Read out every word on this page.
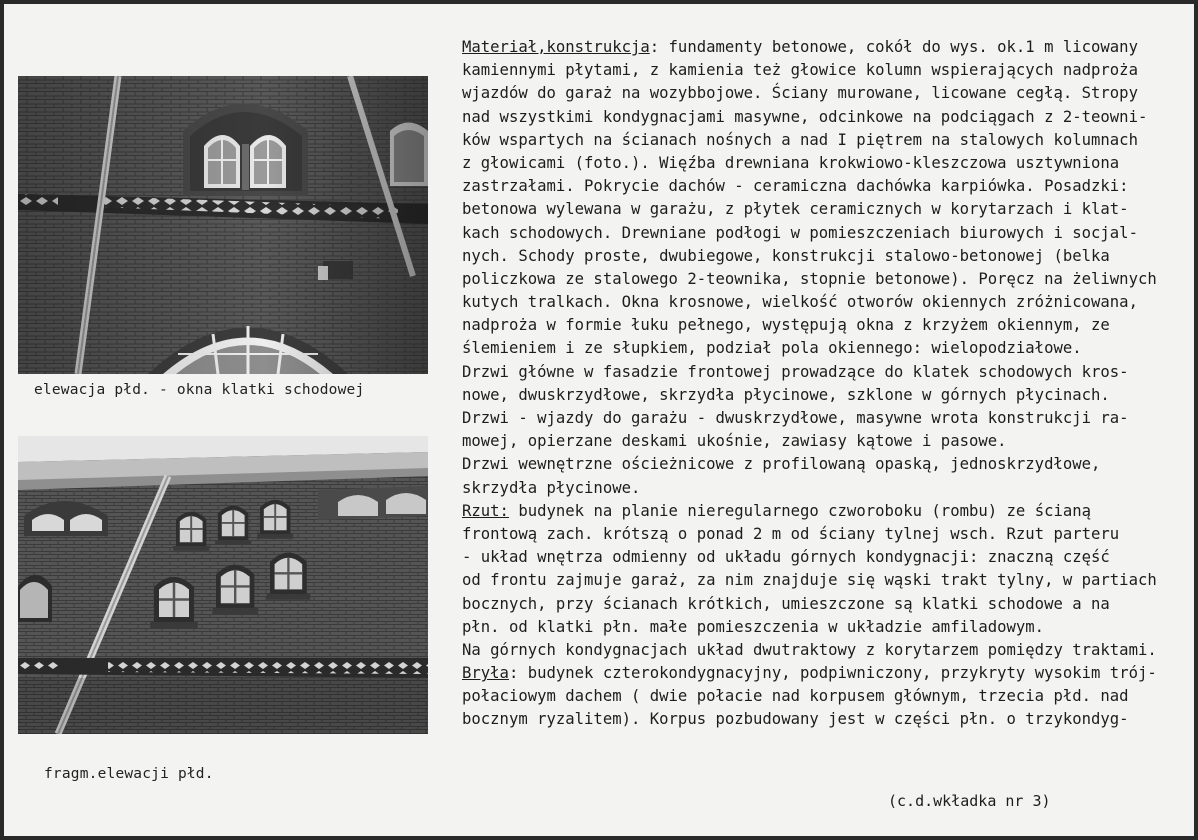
elewacja płd. - okna klatki schodowej
fragm.elewacji płd.
Materiał,konstrukcja: fundamenty betonowe, cokół do wys. ok.1 m licowany
kamiennymi płytami, z kamienia też głowice kolumn wspierających nadproża
wjazdów do garaż na wozybbojowe. Ściany murowane, licowane cegłą. Stropy
nad wszystkimi kondygnacjami masywne, odcinkowe na podciągach z 2-teowni-
ków wspartych na ścianach nośnych a nad I piętrem na stalowych kolumnach
z głowicami (foto.). Więźba drewniana krokwiowo-kleszczowa usztywniona
zastrzałami. Pokrycie dachów - ceramiczna dachówka karpiówka. Posadzki:
betonowa wylewana w garażu, z płytek ceramicznych w korytarzach i klat-
kach schodowych. Drewniane podłogi w pomieszczeniach biurowych i socjal-
nych. Schody proste, dwubiegowe, konstrukcji stalowo-betonowej (belka
policzkowa ze stalowego 2-teownika, stopnie betonowe). Poręcz na żeliwnych
kutych tralkach. Okna krosnowe, wielkość otworów okiennych zróżnicowana,
nadproża w formie łuku pełnego, występują okna z krzyżem okiennym, ze
ślemieniem i ze słupkiem, podział pola okiennego: wielopodziałowe.
Drzwi główne w fasadzie frontowej prowadzące do klatek schodowych kros-
nowe, dwuskrzydłowe, skrzydła płycinowe, szklone w górnych płycinach.
Drzwi - wjazdy do garażu - dwuskrzydłowe, masywne wrota konstrukcji ra-
mowej, opierzane deskami ukośnie, zawiasy kątowe i pasowe.
Drzwi wewnętrzne ościeżnicowe z profilowaną opaską, jednoskrzydłowe,
skrzydła płycinowe.
Rzut: budynek na planie nieregularnego czworoboku (rombu) ze ścianą
frontową zach. krótszą o ponad 2 m od ściany tylnej wsch. Rzut parteru
- układ wnętrza odmienny od układu górnych kondygnacji: znaczną część
od frontu zajmuje garaż, za nim znajduje się wąski trakt tylny, w partiach
bocznych, przy ścianach krótkich, umieszczone są klatki schodowe a na
płn. od klatki płn. małe pomieszczenia w układzie amfiladowym.
Na górnych kondygnacjach układ dwutraktowy z korytarzem pomiędzy traktami.
Bryła: budynek czterokondygnacyjny, podpiwniczony, przykryty wysokim trój-
połaciowym dachem ( dwie połacie nad korpusem głównym, trzecia płd. nad
bocznym ryzalitem). Korpus pozbudowany jest w części płn. o trzykondyg-
(c.d.wkładka nr 3)
